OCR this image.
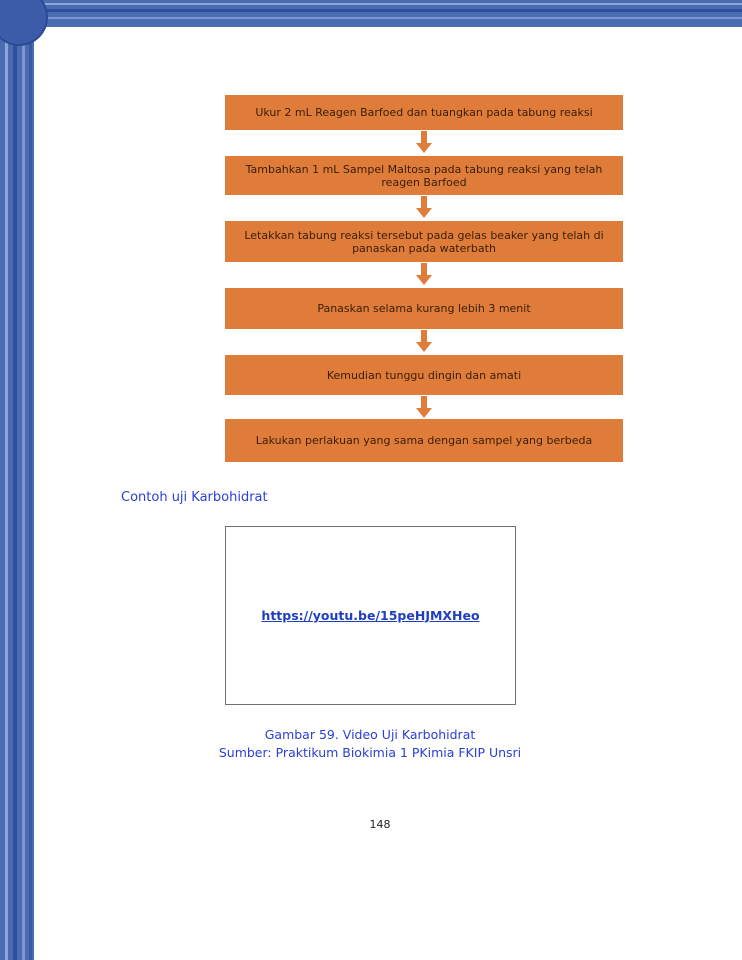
Ukur 2 mL Reagen Barfoed dan tuangkan pada tabung reaksi
Tambahkan 1 mL Sampel Maltosa pada tabung reaksi yang telah reagen Barfoed
Letakkan tabung reaksi tersebut pada gelas beaker yang telah di panaskan pada waterbath
Panaskan selama kurang lebih 3 menit
Kemudian tunggu dingin dan amati
Lakukan perlakuan yang sama dengan sampel yang berbeda
Contoh uji Karbohidrat
https://youtu.be/15peHJMXHeo
Gambar 59. Video Uji Karbohidrat
Sumber: Praktikum Biokimia 1 PKimia FKIP Unsri
148
